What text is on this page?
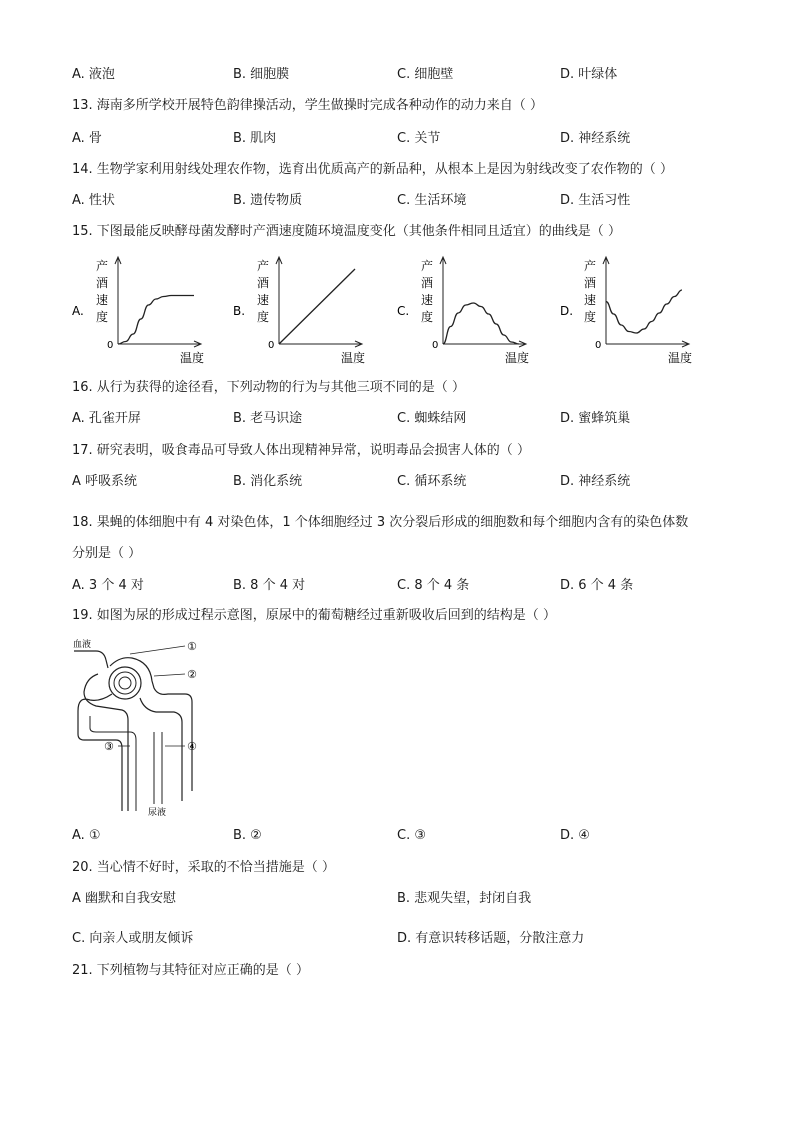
A. 液泡	B. 细胞膜	C. 细胞壁	D. 叶绿体
13. 海南多所学校开展特色韵律操活动，学生做操时完成各种动作的动力来自（ ）
A. 骨	B. 肌肉	C. 关节	D. 神经系统
14. 生物学家利用射线处理农作物，选育出优质高产的新品种，从根本上是因为射线改变了农作物的（ ）
A. 性状	B. 遗传物质	C. 生活环境	D. 生活习性
15. 下图最能反映酵母菌发酵时产酒速度随环境温度变化（其他条件相同且适宜）的曲线是（ ）
A.
产
酒
速
度
0
温度
B.
产
酒
速
度
0
温度
C.
产
酒
速
度
0
温度
D.
产
酒
速
度
0
温度
16. 从行为获得的途径看，下列动物的行为与其他三项不同的是（ ）
A. 孔雀开屏	B. 老马识途	C. 蜘蛛结网	D. 蜜蜂筑巢
17. 研究表明，吸食毒品可导致人体出现精神异常，说明毒品会损害人体的（ ）
A 呼吸系统	B. 消化系统	C. 循环系统	D. 神经系统
18. 果蝇的体细胞中有 4 对染色体，1 个体细胞经过 3 次分裂后形成的细胞数和每个细胞内含有的染色体数
分别是（ ）
A. 3 个 4 对	B. 8 个 4 对	C. 8 个 4 条	D. 6 个 4 条
19. 如图为尿的形成过程示意图，原尿中的葡萄糖经过重新吸收后回到的结构是（ ）
血液
尿液
①
②
③	④
A. ①	B. ②	C. ③	D. ④
20. 当心情不好时，采取的不恰当措施是（ ）
A 幽默和自我安慰	B. 悲观失望，封闭自我
C. 向亲人或朋友倾诉	D. 有意识转移话题，分散注意力
21. 下列植物与其特征对应正确的是（ ）
